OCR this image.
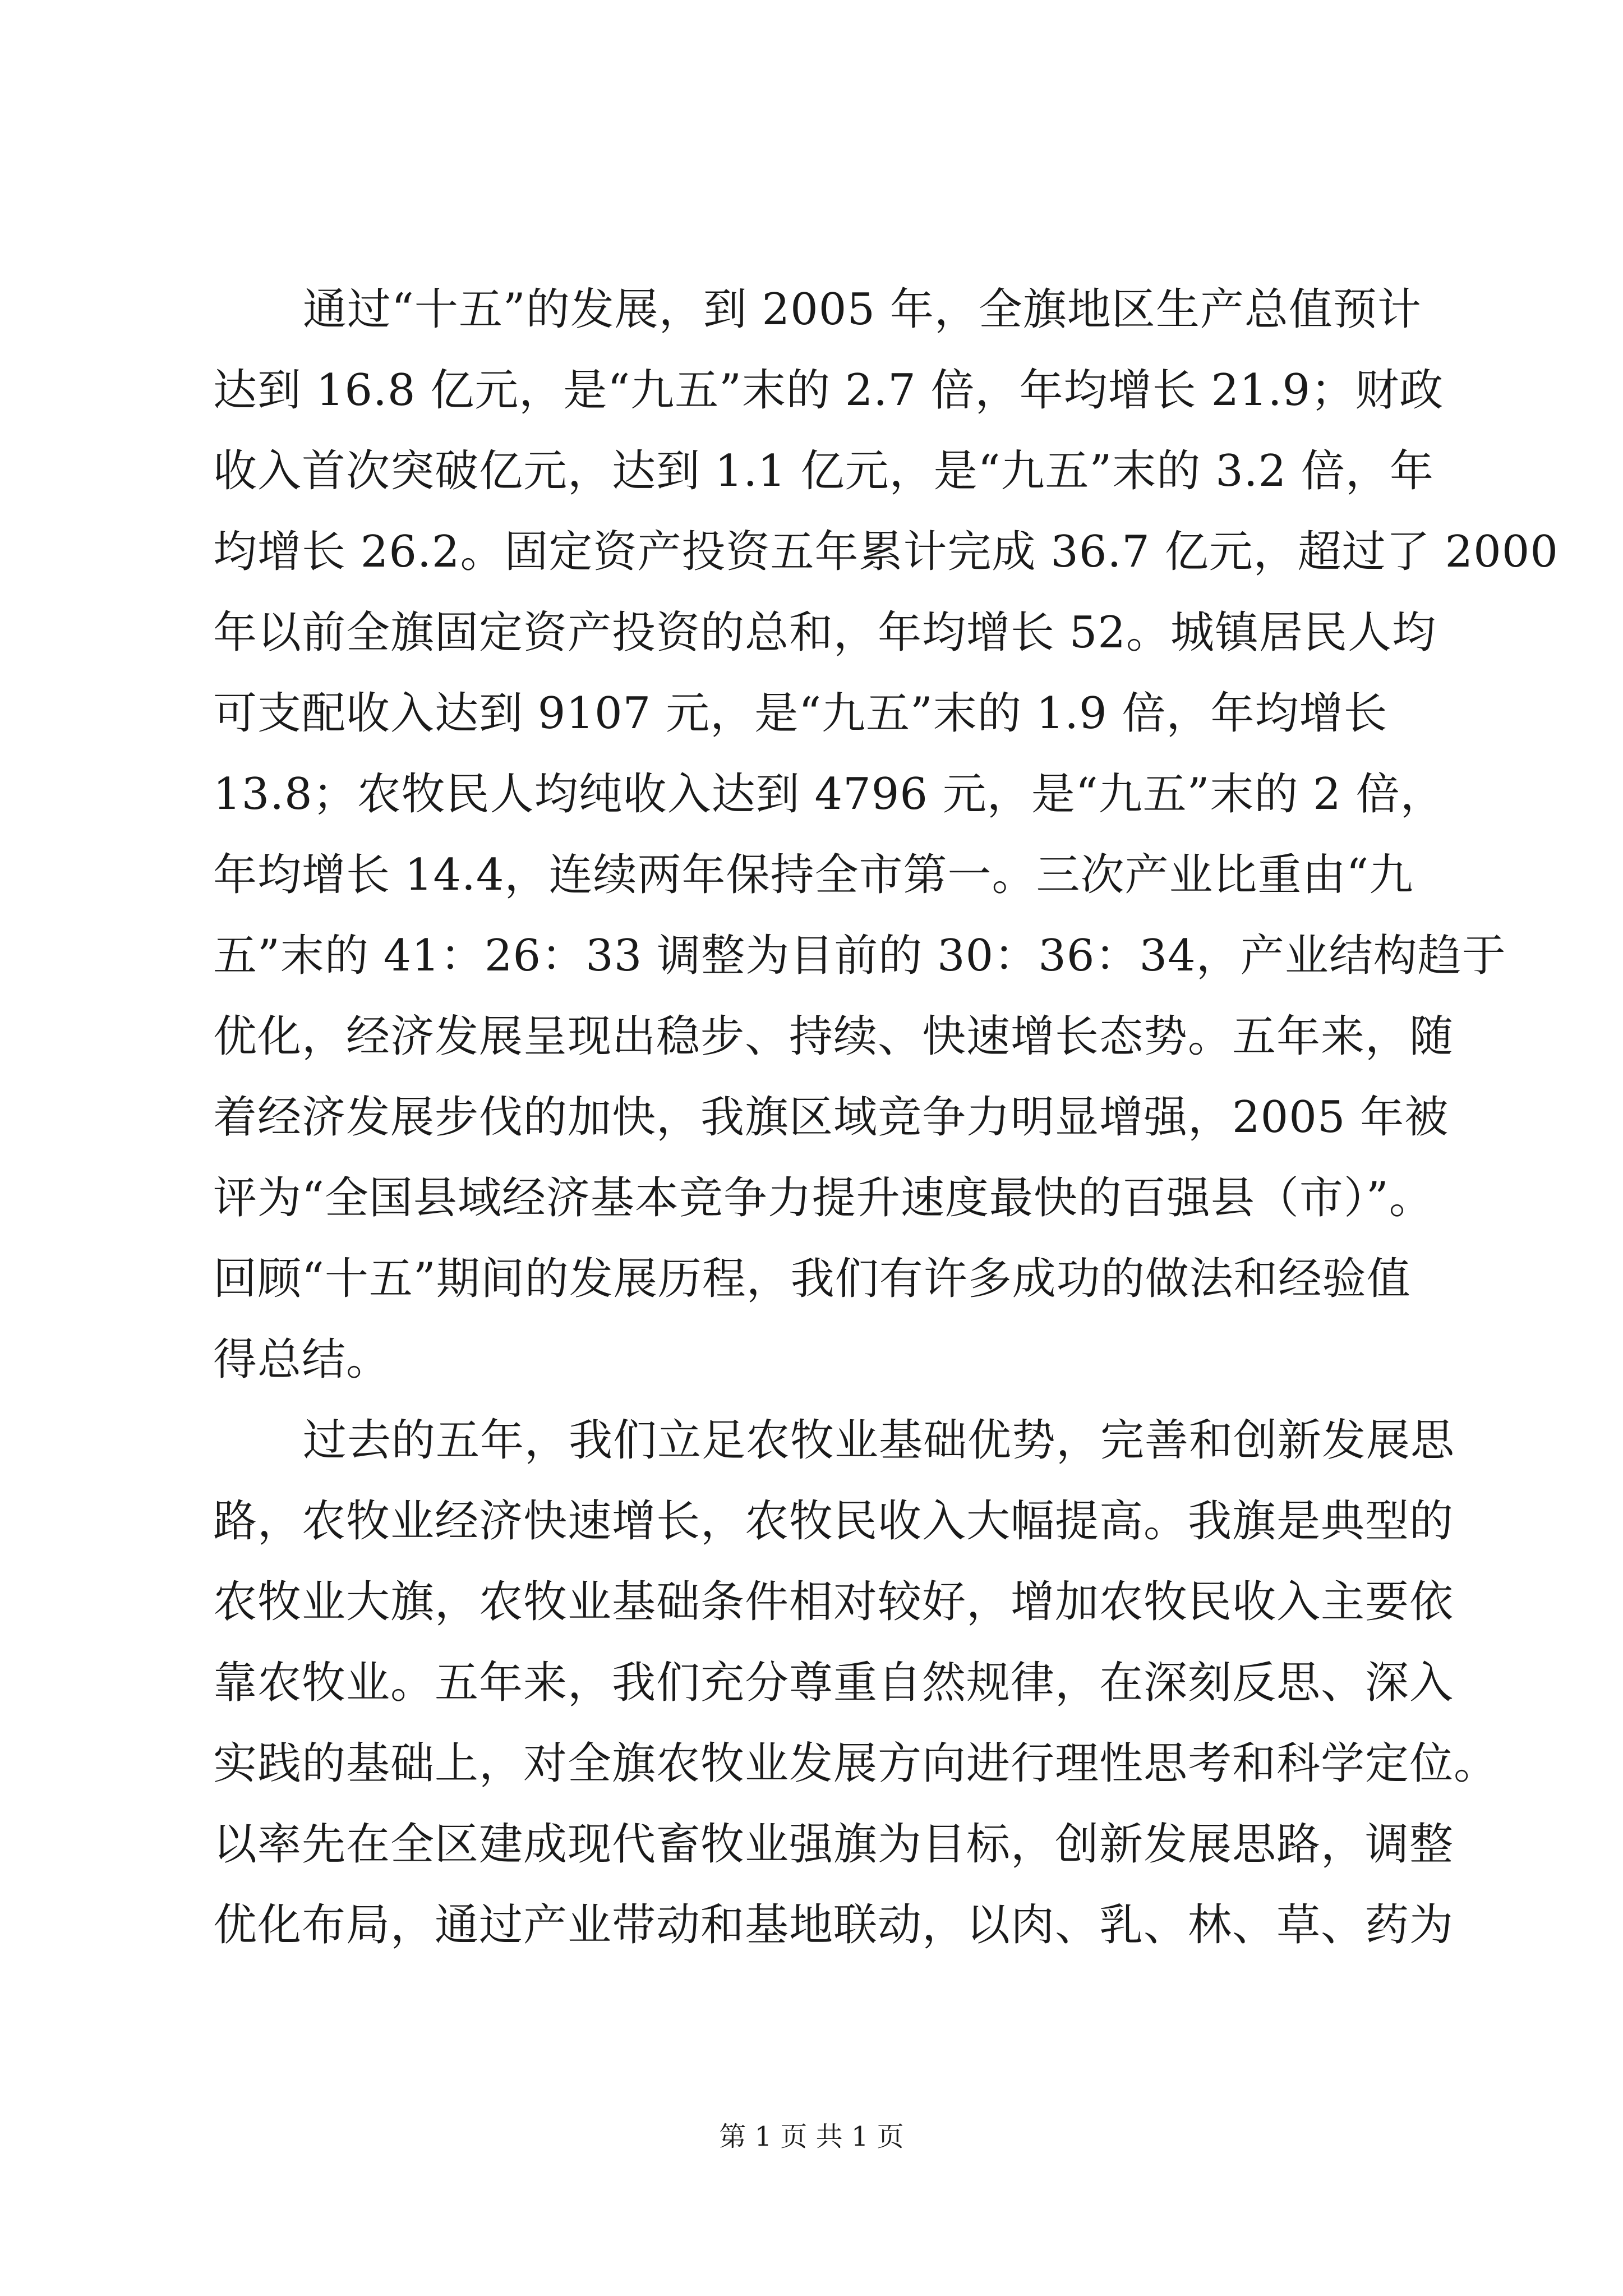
通过“十五”的发展，到 2005 年，全旗地区生产总值预计
达到 16.8 亿元，是“九五”末的 2.7 倍，年均增长 21.9；财政
收入首次突破亿元，达到 1.1 亿元，是“九五”末的 3.2 倍，年
均增长 26.2。固定资产投资五年累计完成 36.7 亿元，超过了 2000
年以前全旗固定资产投资的总和，年均增长 52。城镇居民人均
可支配收入达到 9107 元，是“九五”末的 1.9 倍，年均增长
13.8；农牧民人均纯收入达到 4796 元，是“九五”末的 2 倍，
年均增长 14.4，连续两年保持全市第一。三次产业比重由“九
五”末的 41：26：33 调整为目前的 30：36：34，产业结构趋于
优化，经济发展呈现出稳步、持续、快速增长态势。五年来，随
着经济发展步伐的加快，我旗区域竞争力明显增强，2005 年被
评为“全国县域经济基本竞争力提升速度最快的百强县（市）”。
回顾“十五”期间的发展历程，我们有许多成功的做法和经验值
得总结。
过去的五年，我们立足农牧业基础优势，完善和创新发展思
路，农牧业经济快速增长，农牧民收入大幅提高。我旗是典型的
农牧业大旗，农牧业基础条件相对较好，增加农牧民收入主要依
靠农牧业。五年来，我们充分尊重自然规律，在深刻反思、深入
实践的基础上，对全旗农牧业发展方向进行理性思考和科学定位。
以率先在全区建成现代畜牧业强旗为目标，创新发展思路，调整
优化布局，通过产业带动和基地联动，以肉、乳、林、草、药为
第 1 页 共 1 页
